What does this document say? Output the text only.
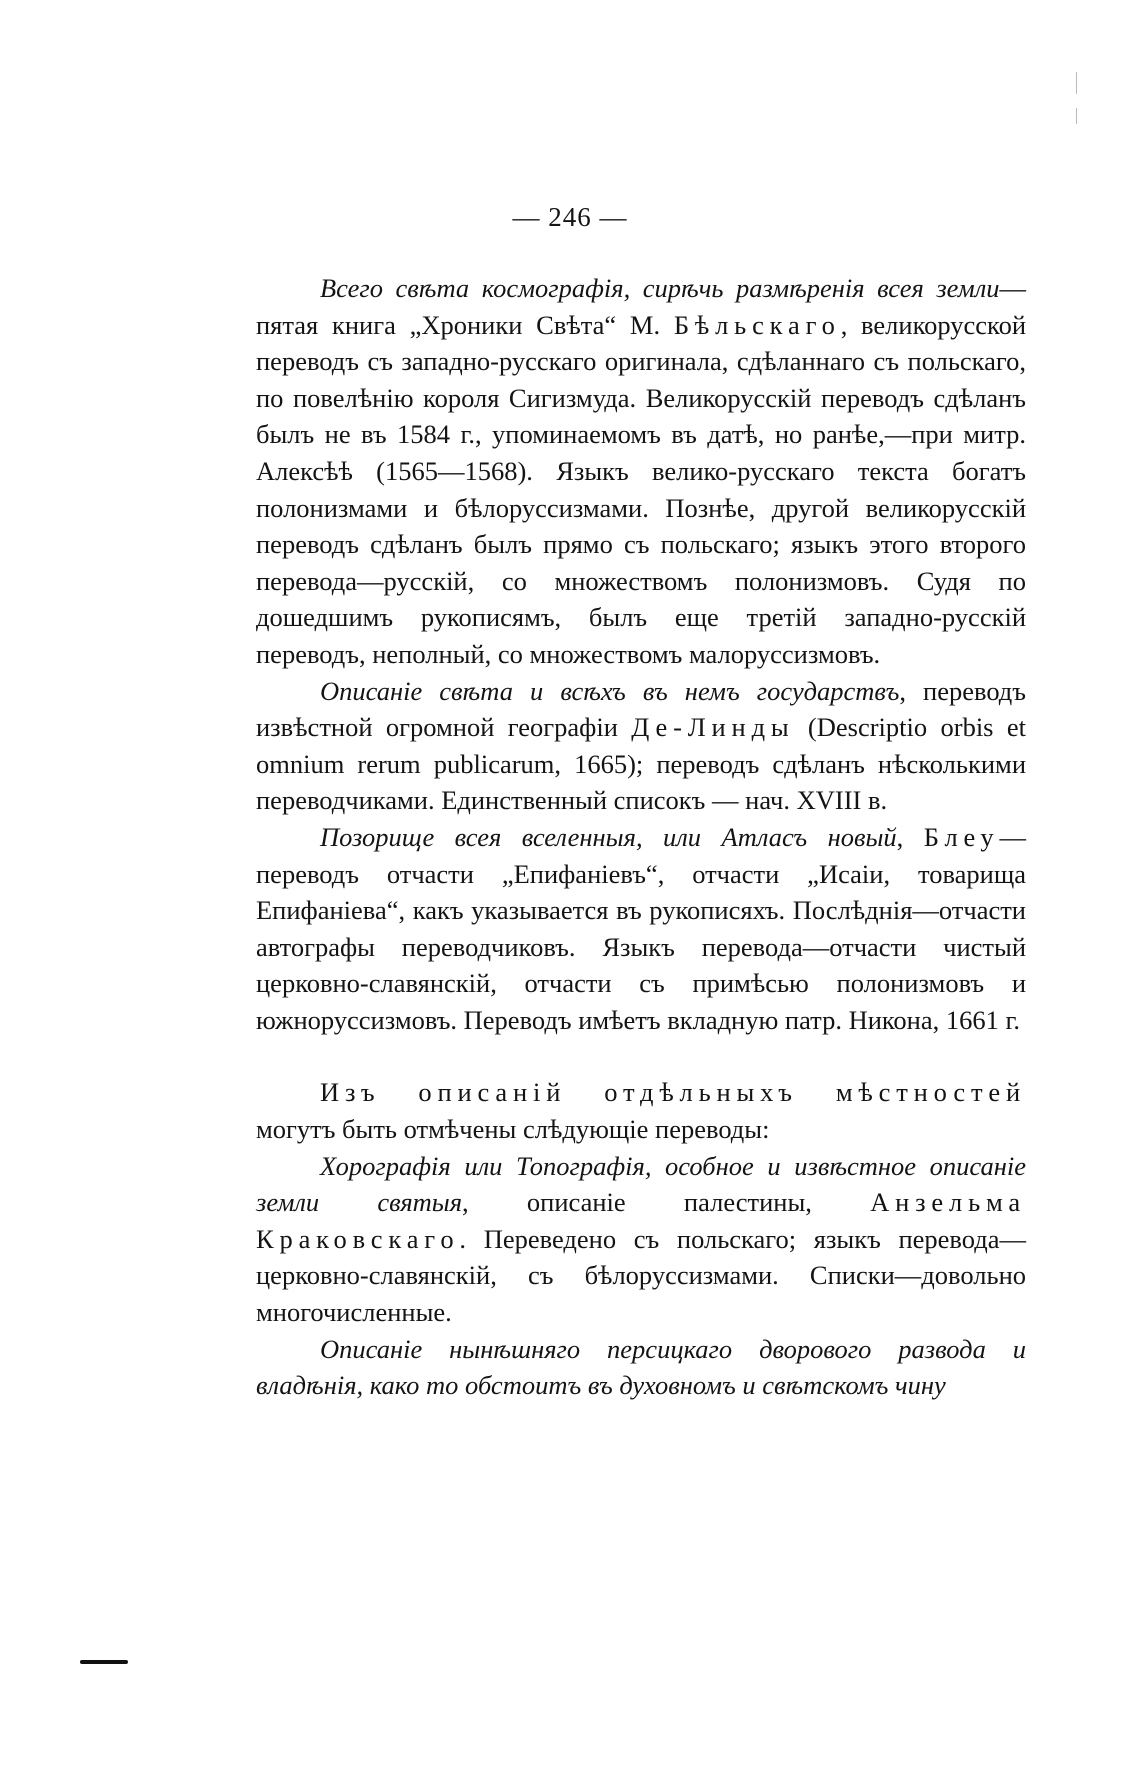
— 246 —

Всего свѣта космографія, сирѣчь размѣренія всея земли—пятая книга „Хроники Свѣта“ М. Бѣльскаго, великорусской переводъ съ западно-русскаго оригинала, сдѣланнаго съ польскаго, по повелѣнію короля Сигизмуда. Великорусскій переводъ сдѣланъ былъ не въ 1584 г., упоминаемомъ въ датѣ, но ранѣе,—при митр. Алексѣѣ (1565—1568). Языкъ велико-русскаго текста богатъ полонизмами и бѣлоруссизмами. Познѣе, другой великорусскій переводъ сдѣланъ былъ прямо съ польскаго; языкъ этого второго перевода—русскій, со множествомъ полонизмовъ. Судя по дошедшимъ рукописямъ, былъ еще третій западно-русскій переводъ, неполный, со множествомъ малоруссизмовъ.

Описаніе свѣта и всѣхъ въ немъ государствъ, переводъ извѣстной огромной географіи Де-Линды (Descriptio orbis et omnium rerum publicarum, 1665); переводъ сдѣланъ нѣсколькими переводчиками. Единственный списокъ — нач. XVIII в.

Позорище всея вселенныя, или Атласъ новый, Блеу—переводъ отчасти „Епифаніевъ“, отчасти „Исаіи, товарища Епифаніева“, какъ указывается въ рукописяхъ. Послѣднія—отчасти автографы переводчиковъ. Языкъ перевода—отчасти чистый церковно-славянскій, отчасти съ примѣсью полонизмовъ и южноруссизмовъ. Переводъ имѣетъ вкладную патр. Никона, 1661 г.

Изъ описаній отдѣльныхъ мѣстностей могутъ быть отмѣчены слѣдующіе переводы:

Хорографія или Топографія, особное и извѣстное описаніе земли святыя, описаніе палестины, Анзельма Краковскаго. Переведено съ польскаго; языкъ перевода—церковно-славянскій, съ бѣлоруссизмами. Списки—довольно многочисленные.

Описаніе нынѣшняго персицкаго дворового развода и владѣнія, како то обстоитъ въ духовномъ и свѣтскомъ чину
